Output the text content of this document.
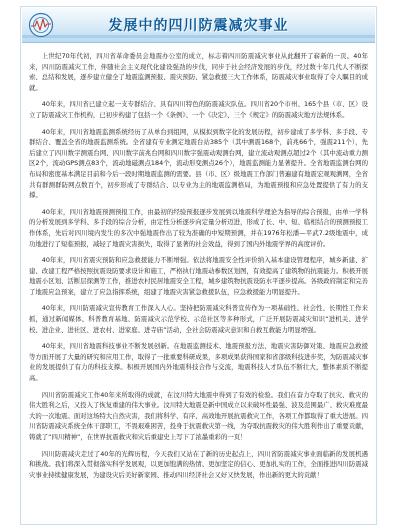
发展中的四川防震减灾事业

上世纪70年代初，四川省革命委员会地震办公室的成立，标志着四川防震减灾事业从此翻开了崭新的一页。40年来，四川防震减灾工作，伴随社会主义现代化建设强劲的步伐，同步于社会经济发展的步伐，经过数十年几代人不断探索、总结和发展，逐步建立健全了地震监测预报、震灾预防、紧急救援三大工作体系，防震减灾事业取得了令人瞩目的成就。

40年来，四川省已建立起一支专群结合、具有四川特色的防震减灾队伍。四川省20个市州、165个县（市、区）设立了防震减灾工作机构，已初步构建了包括一个《条例》、一个《决定》、三个《规定》的防震减灾地方法规体系。

40年来，四川省地震监测系统经历了从单台到组网，从模拟到数字化的发展历程，初步建成了多学科、多手段、专群结合、覆盖全省的地震监测系统。全省建有专业测定地震台站385个（其中测震168个，前兆66个，强震211个），先后建立了四川数字测震台网、四川数字前兆台网和四川数字强震动观测台网，建立流动观测点超过2个（其中流动重力测区2个，流动GPS测点83个，流动地磁测点184个，流动形变测点26个），地震监测能力显著提升。全省地震监测台网的布局和密度基本满足目前和今后一段时期地震监测的需要。县（市、区）级地震工作部门普遍建有地震宏观观测网，全省共有群测群防网点数百个，初步形成了专群结合、以专业为主的地震监测格局，为地震预报和应急处置提供了有力的支撑。

40年来，四川省地震预测预报工作，由最初的经验预报逐步发展到以地震科学理论为指导的综合预报，由单一学科的分析发展到多学科、多手段的综合分析，由定性分析逐步向定量分析迈进，形成了长、中、短、临相结合的预测预报工作体系，先后对四川境内发生的多次中强地震作出了较为准确的中短期预测，并在1976年松潘—平武7.2级地震中，成功地进行了短临预报，减轻了地震灾害损失，取得了显著的社会效益，得到了国内外地震学界的高度评价。

40年来，四川省震灾预防和应急救援能力不断增强。依法将地震安全性评价纳入基本建设管理程序，城乡新建、扩建、改建工程严格按照抗震设防要求设计和施工，严格执行地震动参数区划图，有效提高了建筑物的抗震能力。积极开展地震小区划、活断层探测等工作，推进农村民居地震安全工程，城乡建筑物抗震设防水平逐步提高。各级政府制定和完善了地震应急预案，建立了应急指挥系统，组建了地震灾害紧急救援队伍，应急救援能力明显提升。

40年来，四川防震减灾宣传教育工作深入人心。坚持把防震减灾科普宣传作为一项基础性、社会性、长期性工作来抓，通过新闻媒体、科普教育基地、防震减灾示范学校、示范社区等多种形式，广泛开展防震减灾知识“进机关、进学校、进企业、进社区、进农村、进家庭、进寺庙”活动，全社会防震减灾意识和自救互救能力明显增强。

40年来，四川省地震科技事业不断发展创新。在地震监测技术、地震预报方法、地震灾害防御对策、地震应急救援等方面开展了大量的研究和应用工作，取得了一批重要科研成果，多项成果获得国家和省部级科技进步奖，为防震减灾事业的发展提供了有力的科技支撑。积极开展国内外地震科技合作与交流，地震科技人才队伍不断壮大，整体素质不断提高。

四川省防震减灾工作40年来所取得的成就，在汶川特大地震中得到了有效的检验。我们在奋力夺取了抗灾、救灾的伟大胜利之后，又投入了恢复重建的伟大事业。汶川特大地震是新中国成立以来破坏性最强、波及范围最广、救灾难度最大的一次地震。面对这场特大自然灾害，我们将科学、有序、高效地开展抗震救灾工作，各项工作都取得了重大进展。四川省防震减灾系统全体干部职工，不畏艰难困苦，投身于抗震救灾第一线，为夺取抗震救灾的伟大胜利作出了重要贡献，铸就了“四川精神”，在世界抗震救灾和灾后重建史上写下了浓墨重彩的一页！

四川防震减灾走过了40年的光辉历程，今天我们又站在了新的历史起点上，四川省防震减灾事业面临新的发展机遇和挑战。我们将深入贯彻落实科学发展观，以更加饱满的热情、更加坚定的信心、更加扎实的工作，全面推进四川防震减灾事业持续健康发展，为建设灾后美好新家园、推动四川经济社会又好又快发展，作出新的更大的贡献！
